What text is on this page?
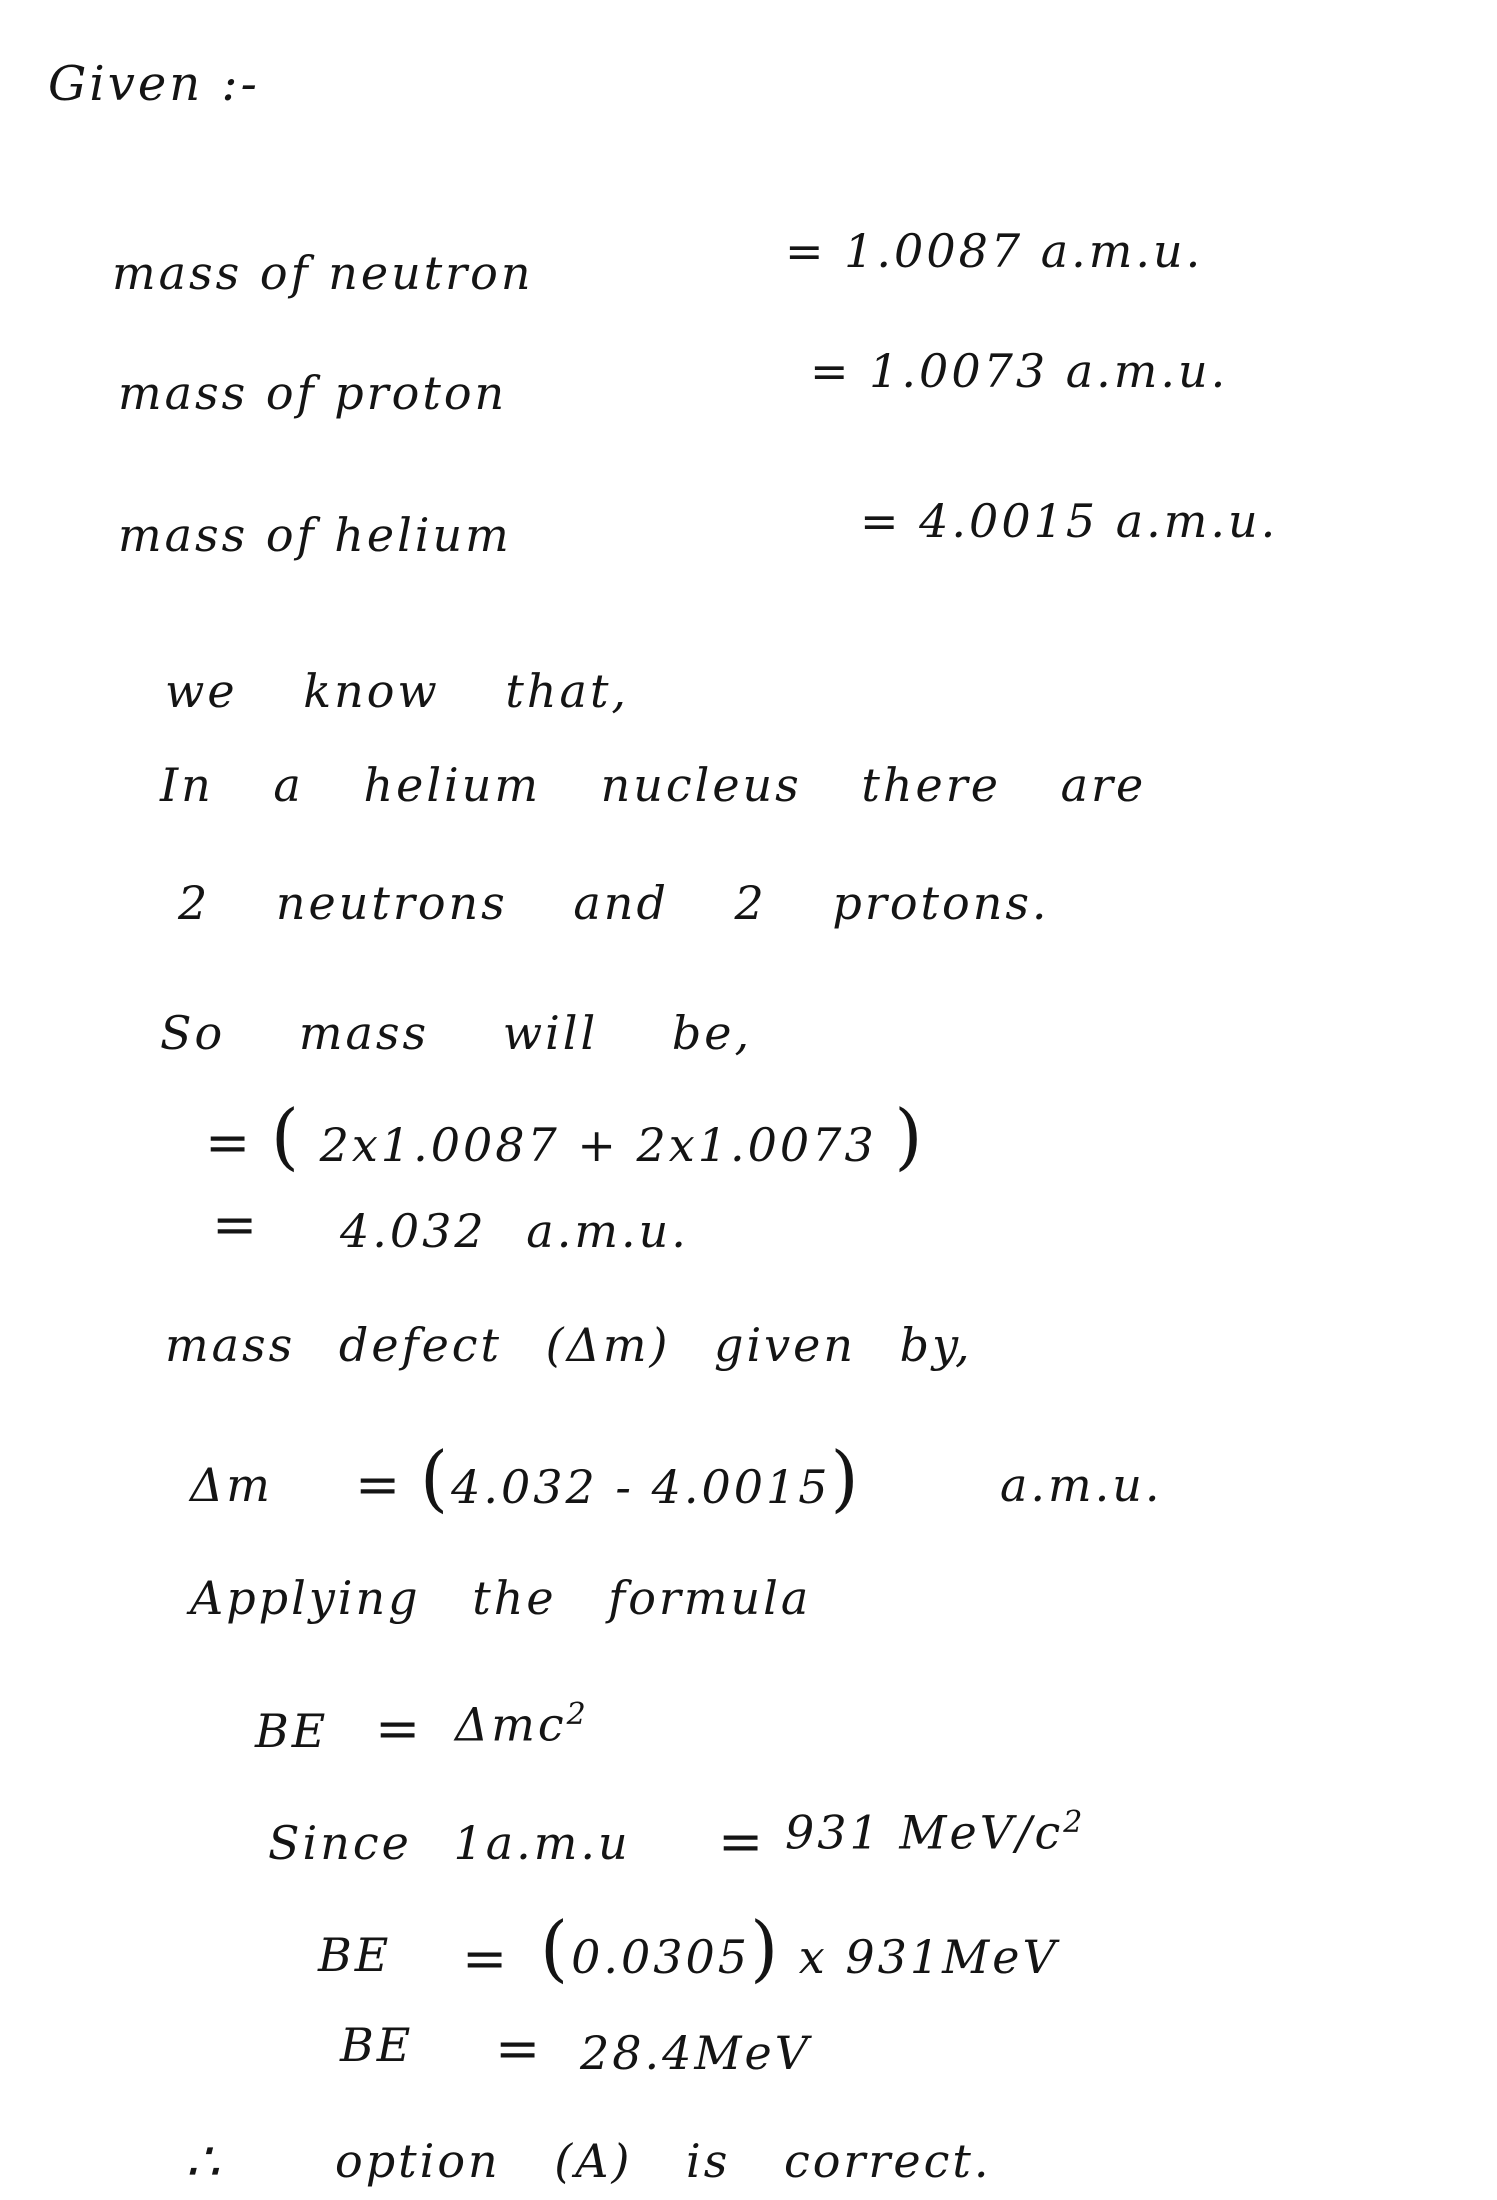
Given :-
mass of neutron	= 1.0087 a.m.u.
mass of proton	= 1.0073 a.m.u.
mass of helium	= 4.0015 a.m.u.
we know that,
In a helium nucleus there are
2 neutrons and 2 protons.
So mass will be,
= ( 2x1.0087 + 2x1.0073 )
= 4.032 a.m.u.
mass defect (Δm) given by,
Δm = (4.032 - 4.0015)	a.m.u.
Applying the formula
BE = Δmc$^2$
Since 1a.m.u = 931 MeV/$c^2$
BE = (0.0305) x 931MeV
BE = 28.4MeV
∴ option (A) is correct.
